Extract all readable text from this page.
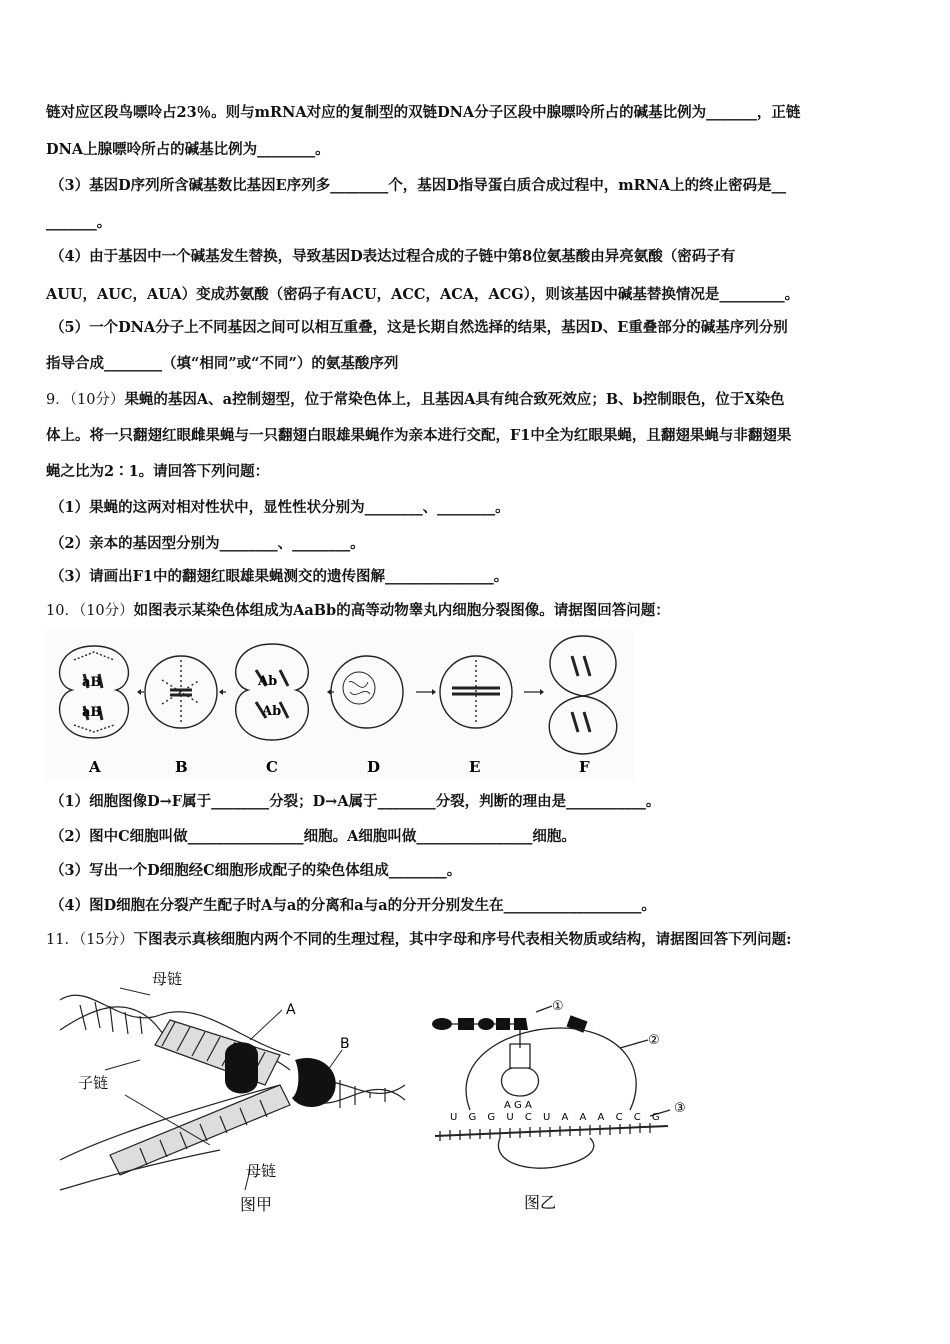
链对应区段鸟嘌呤占23％。则与mRNA对应的复制型的双链DNA分子区段中腺嘌呤所占的碱基比例为_______，正链
DNA上腺嘌呤所占的碱基比例为________。
（3）基因D序列所含碱基数比基因E序列多________个，基因D指导蛋白质合成过程中，mRNA上的终止密码是__
_______。
（4）由于基因中一个碱基发生替换，导致基因D表达过程合成的子链中第8位氨基酸由异亮氨酸（密码子有
AUU，AUC，AUA）变成苏氨酸（密码子有ACU，ACC，ACA，ACG），则该基因中碱基替换情况是_________。
（5）一个DNA分子上不同基因之间可以相互重叠，这是长期自然选择的结果，基因D、E重叠部分的碱基序列分别
指导合成________（填“相同”或“不同”）的氨基酸序列
9．（10分）果蝇的基因A、a控制翅型，位于常染色体上，且基因A具有纯合致死效应；B、b控制眼色，位于X染色
体上。将一只翻翅红眼雌果蝇与一只翻翅白眼雄果蝇作为亲本进行交配，F1中全为红眼果蝇，且翻翅果蝇与非翻翅果
蝇之比为2∶1。请回答下列问题：
（1）果蝇的这两对相对性状中，显性性状分别为________、________。
（2）亲本的基因型分别为________、________。
（3）请画出F1中的翻翅红眼雄果蝇测交的遗传图解_______________。
10．（10分）如图表示某染色体组成为AaBb的高等动物睾丸内细胞分裂图像。请据图回答问题：
aB
aB
Ab
Ab
A	B	C	D	E	F
（1）细胞图像D→F属于________分裂；D→A属于________分裂，判断的理由是___________。
（2）图中C细胞叫做________________细胞。A细胞叫做________________细胞。
（3）写出一个D细胞经C细胞形成配子的染色体组成________。
（4）图D细胞在分裂产生配子时A与a的分离和a与a的分开分别发生在___________________。
11．（15分）下图表示真核细胞内两个不同的生理过程，其中字母和序号代表相关物质或结构，请据图回答下列问题:
母链
A
B
子链
母链
图甲
①
②
③
A G A
U G G U C U A A A C C G
图乙
